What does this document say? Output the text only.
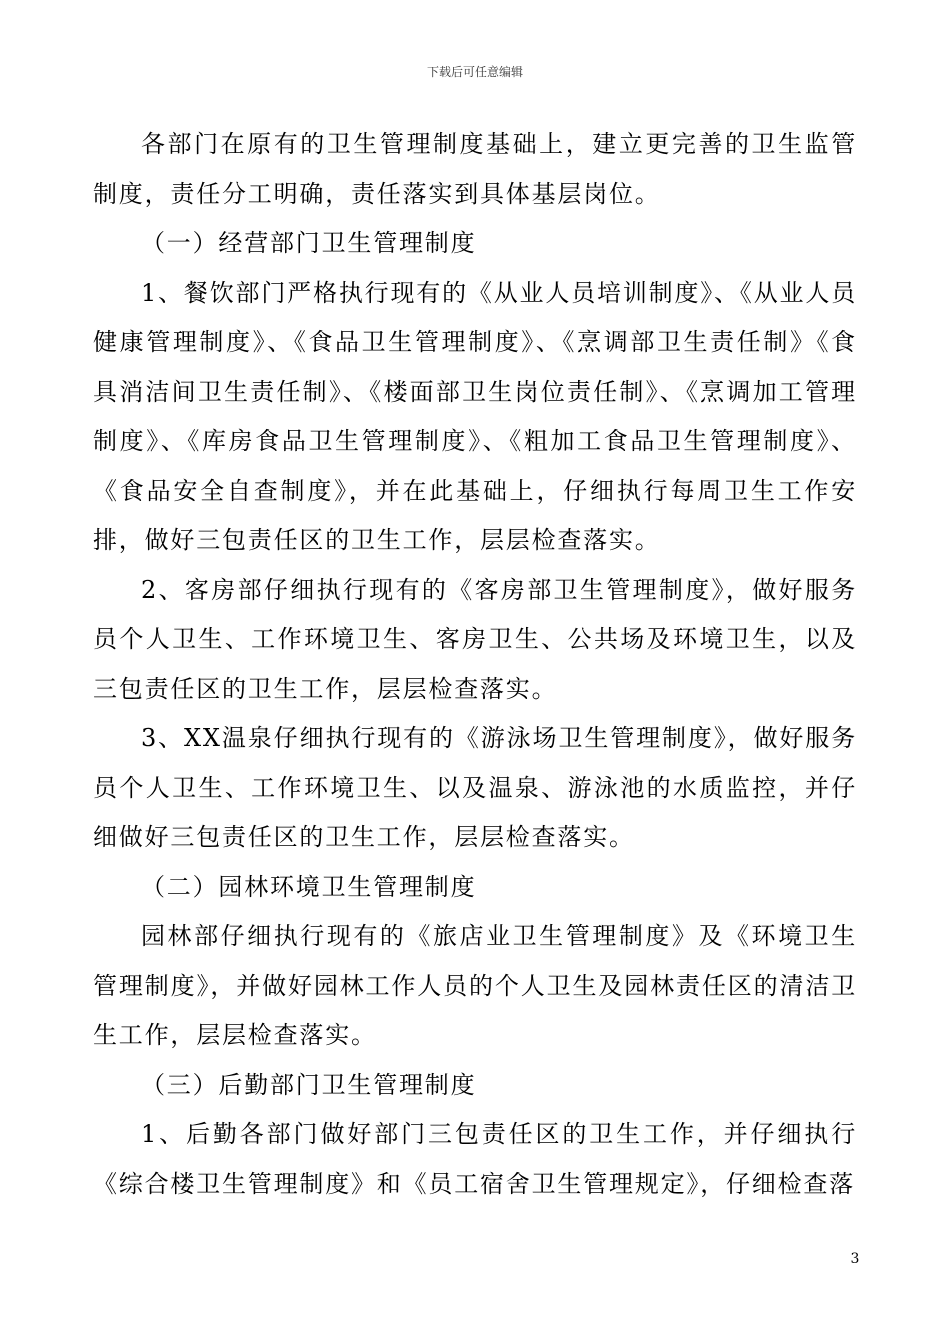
下载后可任意编辑

各部门在原有的卫生管理制度基础上，建立更完善的卫生监管制度，责任分工明确，责任落实到具体基层岗位。

（一）经营部门卫生管理制度

1、餐饮部门严格执行现有的《从业人员培训制度》、《从业人员健康管理制度》、《食品卫生管理制度》、《烹调部卫生责任制》《食具消洁间卫生责任制》、《楼面部卫生岗位责任制》、《烹调加工管理制度》、《库房食品卫生管理制度》、《粗加工食品卫生管理制度》、《食品安全自查制度》，并在此基础上，仔细执行每周卫生工作安排，做好三包责任区的卫生工作，层层检查落实。

2、客房部仔细执行现有的《客房部卫生管理制度》，做好服务员个人卫生、工作环境卫生、客房卫生、公共场及环境卫生，以及三包责任区的卫生工作，层层检查落实。

3、XX温泉仔细执行现有的《游泳场卫生管理制度》，做好服务员个人卫生、工作环境卫生、以及温泉、游泳池的水质监控，并仔细做好三包责任区的卫生工作，层层检查落实。

（二）园林环境卫生管理制度

园林部仔细执行现有的《旅店业卫生管理制度》及《环境卫生管理制度》，并做好园林工作人员的个人卫生及园林责任区的清洁卫生工作，层层检查落实。

（三）后勤部门卫生管理制度

1、后勤各部门做好部门三包责任区的卫生工作，并仔细执行《综合楼卫生管理制度》和《员工宿舍卫生管理规定》，仔细检查落

3
